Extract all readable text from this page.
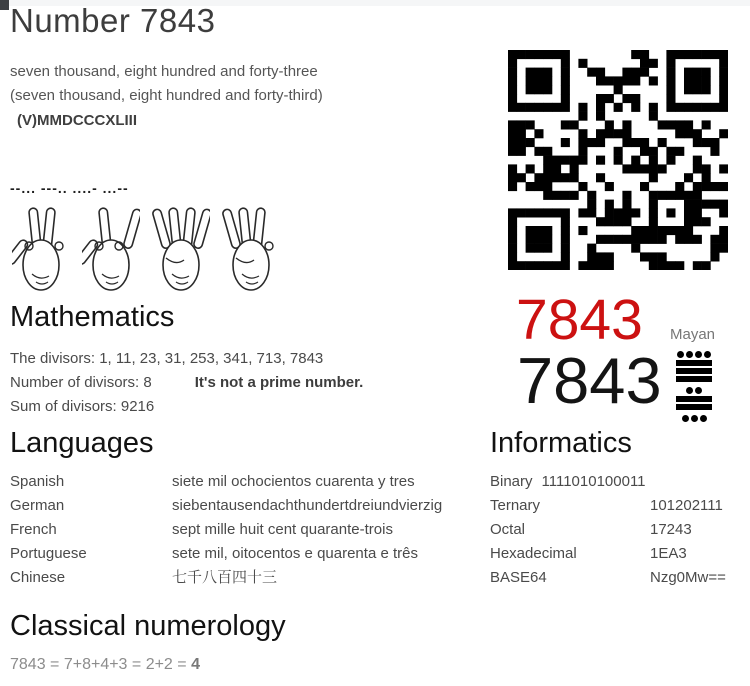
Number 7843
seven thousand, eight hundred and forty-three
(seven thousand, eight hundred and forty-third)
(V)MMDCCCXLIII
--... ---.. ....- ...--
7843 Mayan
7843
Mathematics
The divisors: 1, 11, 23, 31, 253, 341, 713, 7843
Number of divisors: 8	It's not a prime number.
Sum of divisors: 9216
Languages
Spanish	siete mil ochocientos cuarenta y tres
German	siebentausendachthundertdreiundvierzig
French	sept mille huit cent quarante-trois
Portuguese	sete mil, oitocentos e quarenta e três
Chinese	七千八百四十三
Informatics
Binary 1111010100011
Ternary	101202111
Octal	17243
Hexadecimal	1EA3
BASE64	Nzg0Mw==
Classical numerology
7843 = 7+8+4+3 = 2+2 = 4
